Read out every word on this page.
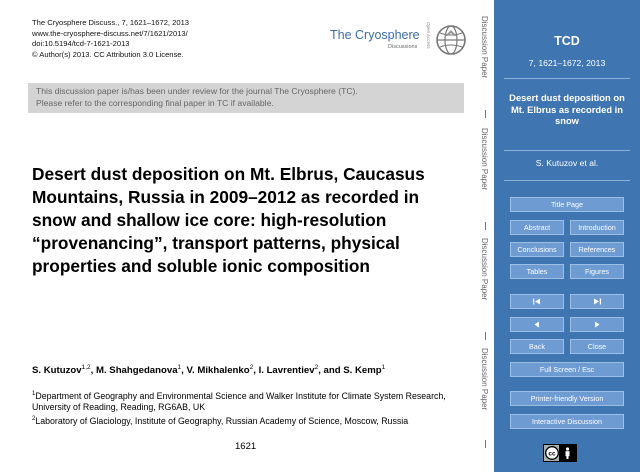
The Cryosphere Discuss., 7, 1621–1672, 2013
www.the-cryosphere-discuss.net/7/1621/2013/
doi:10.5194/tcd-7-1621-2013
© Author(s) 2013. CC Attribution 3.0 License.
The Cryosphere
Discussions Open Access
This discussion paper is/has been under review for the journal The Cryosphere (TC).
Please refer to the corresponding final paper in TC if available.
Desert dust deposition on Mt. Elbrus, Caucasus Mountains, Russia in 2009–2012 as recorded in snow and shallow ice core: high-resolution “provenancing”, transport patterns, physical properties and soluble ionic composition
S. Kutuzov$^{1,2}$, M. Shahgedanova$^1$, V. Mikhalenko$^2$, I. Lavrentiev$^2$, and S. Kemp$^1$
$^1$Department of Geography and Environmental Science and Walker Institute for Climate System Research, University of Reading, Reading, RG6AB, UK
$^2$Laboratory of Glaciology, Institute of Geography, Russian Academy of Science, Moscow, Russia
1621
Discussion Paper
Discussion Paper
Discussion Paper
Discussion Paper
TCD
7, 1621–1672, 2013
Desert dust deposition on Mt. Elbrus as recorded in snow
S. Kutuzov et al.
Title Page
Abstract	Introduction
Conclusions	References
Tables	Figures
Back	Close
Full Screen / Esc
Printer-friendly Version
Interactive Discussion
cc
